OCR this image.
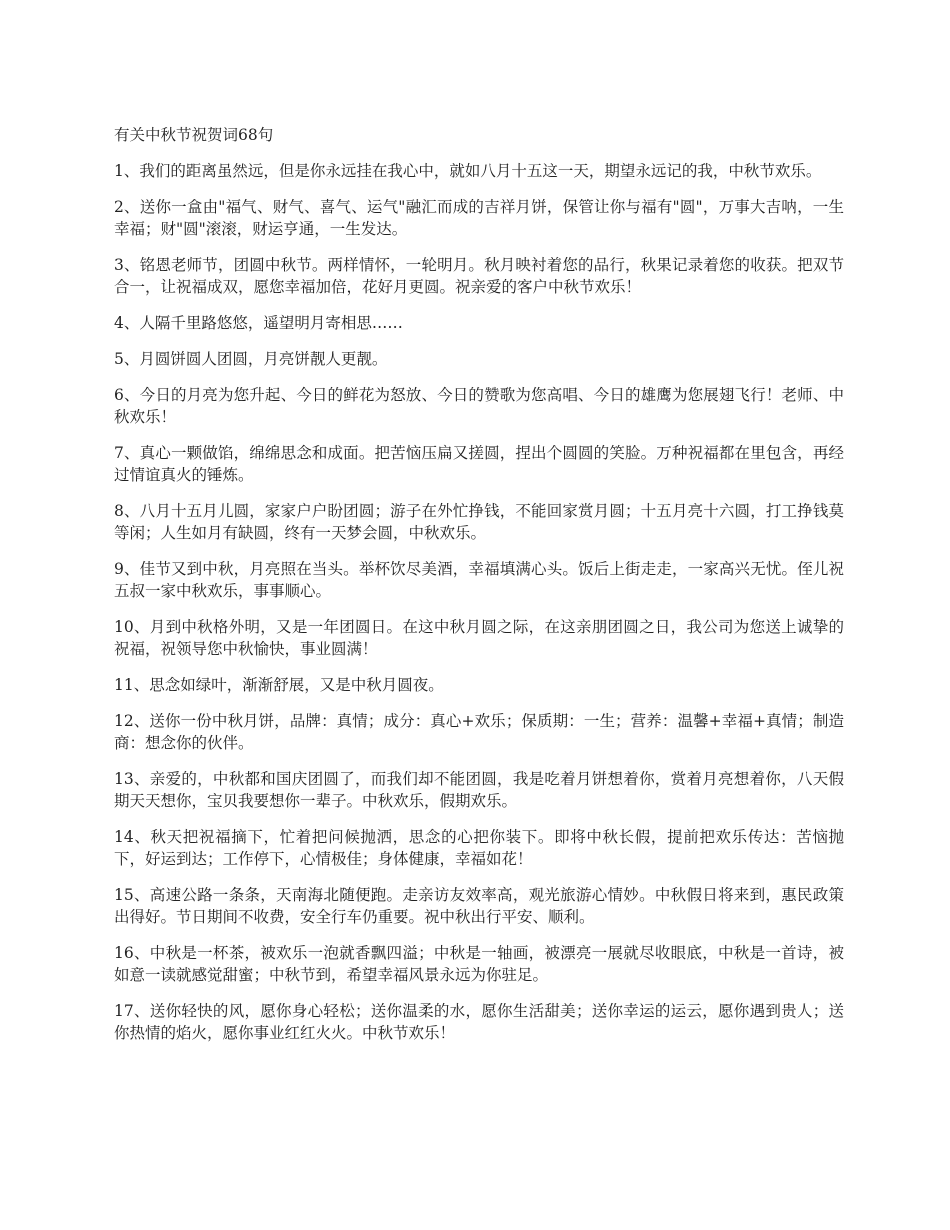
有关中秋节祝贺词68句

1、我们的距离虽然远，但是你永远挂在我心中，就如八月十五这一天，期望永远记的我，中秋节欢乐。

2、送你一盒由"福气、财气、喜气、运气"融汇而成的吉祥月饼，保管让你与福有"圆"，万事大吉呐，一生幸福；财"圆"滚滚，财运亨通，一生发达。

3、铭恩老师节，团圆中秋节。两样情怀，一轮明月。秋月映衬着您的品行，秋果记录着您的收获。把双节合一，让祝福成双，愿您幸福加倍，花好月更圆。祝亲爱的客户中秋节欢乐！

4、人隔千里路悠悠，遥望明月寄相思……

5、月圆饼圆人团圆，月亮饼靓人更靓。

6、今日的月亮为您升起、今日的鲜花为怒放、今日的赞歌为您高唱、今日的雄鹰为您展翅飞行！老师、中秋欢乐！

7、真心一颗做馅，绵绵思念和成面。把苦恼压扁又搓圆，捏出个圆圆的笑脸。万种祝福都在里包含，再经过情谊真火的锤炼。

8、八月十五月儿圆，家家户户盼团圆；游子在外忙挣钱，不能回家赏月圆；十五月亮十六圆，打工挣钱莫等闲；人生如月有缺圆，终有一天梦会圆，中秋欢乐。

9、佳节又到中秋，月亮照在当头。举杯饮尽美酒，幸福填满心头。饭后上街走走，一家高兴无忧。侄儿祝五叔一家中秋欢乐，事事顺心。

10、月到中秋格外明，又是一年团圆日。在这中秋月圆之际，在这亲朋团圆之日，我公司为您送上诚挚的祝福，祝领导您中秋愉快，事业圆满！

11、思念如绿叶，渐渐舒展，又是中秋月圆夜。

12、送你一份中秋月饼，品牌：真情；成分：真心+欢乐；保质期：一生；营养：温馨+幸福+真情；制造商：想念你的伙伴。

13、亲爱的，中秋都和国庆团圆了，而我们却不能团圆，我是吃着月饼想着你，赏着月亮想着你，八天假期天天想你，宝贝我要想你一辈子。中秋欢乐，假期欢乐。

14、秋天把祝福摘下，忙着把问候抛洒，思念的心把你装下。即将中秋长假，提前把欢乐传达：苦恼抛下，好运到达；工作停下，心情极佳；身体健康，幸福如花！

15、高速公路一条条，天南海北随便跑。走亲访友效率高，观光旅游心情妙。中秋假日将来到，惠民政策出得好。节日期间不收费，安全行车仍重要。祝中秋出行平安、顺利。

16、中秋是一杯茶，被欢乐一泡就香飘四溢；中秋是一轴画，被漂亮一展就尽收眼底，中秋是一首诗，被如意一读就感觉甜蜜；中秋节到，希望幸福风景永远为你驻足。

17、送你轻快的风，愿你身心轻松；送你温柔的水，愿你生活甜美；送你幸运的运云，愿你遇到贵人；送你热情的焰火，愿你事业红红火火。中秋节欢乐！
